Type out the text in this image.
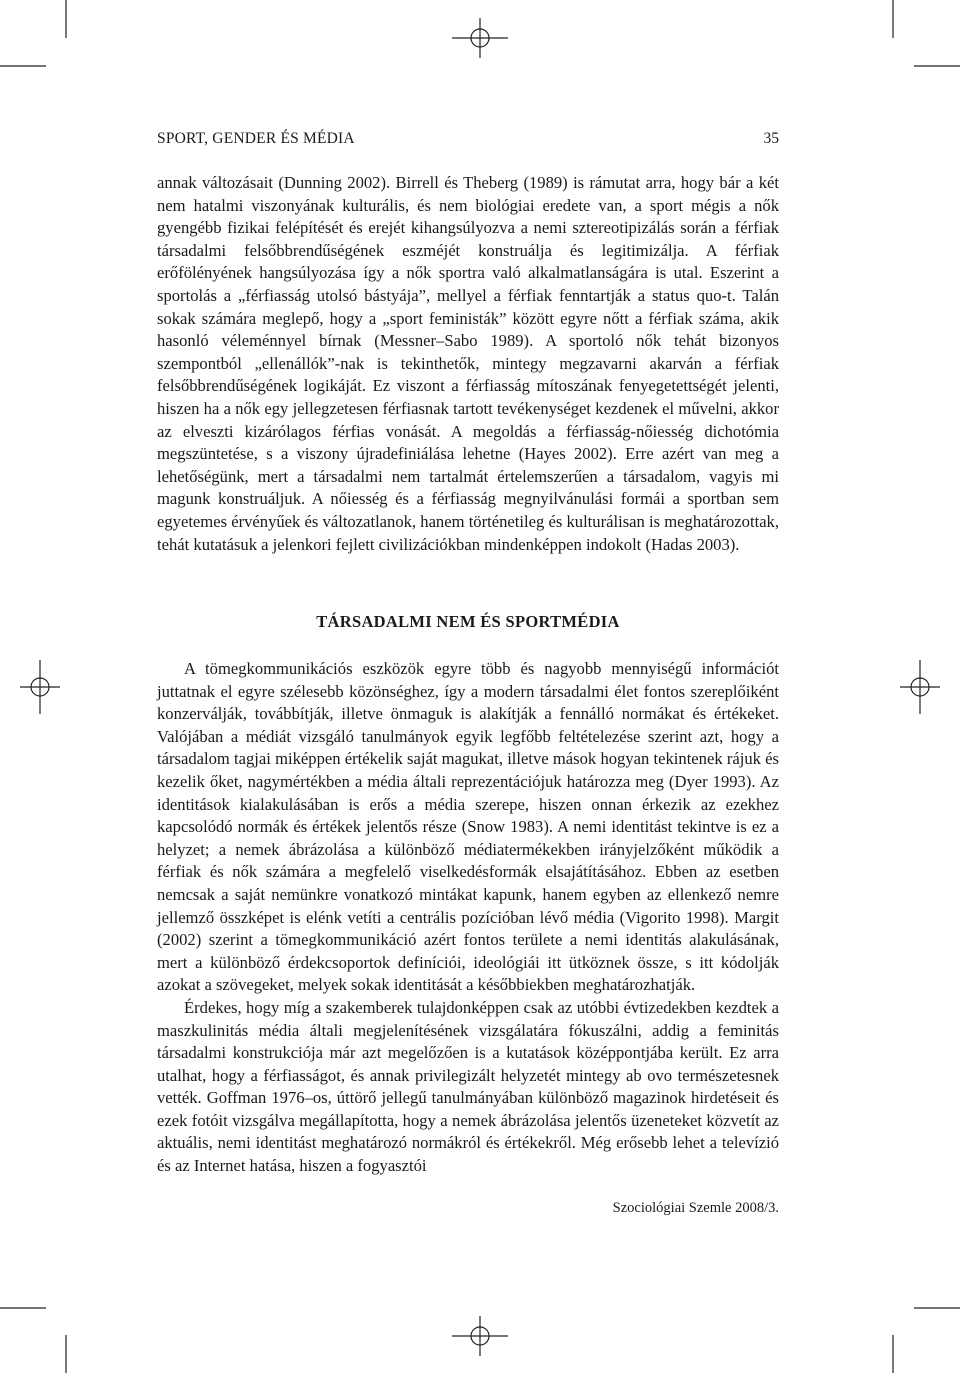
SPORT, GENDER ÉS MÉDIA	35

annak változásait (Dunning 2002). Birrell és Theberg (1989) is rámutat arra, hogy bár a két nem hatalmi viszonyának kulturális, és nem biológiai eredete van, a sport mégis a nők gyengébb fizikai felépítését és erejét kihangsúlyozva a nemi sztereotipizálás során a férfiak társadalmi felsőbbrendűségének eszméjét konstruálja és legitimizálja. A férfiak erőfölényének hangsúlyozása így a nők sportra való alkalmatlanságára is utal. Eszerint a sportolás a „férfiasság utolsó bástyája”, mellyel a férfiak fenntartják a status quo-t. Talán sokak számára meglepő, hogy a „sport feministák” között egyre nőtt a férfiak száma, akik hasonló véleménnyel bírnak (Messner–Sabo 1989). A sportoló nők tehát bizonyos szempontból „ellenállók”-nak is tekinthetők, mintegy megzavarni akarván a férfiak felsőbbrendűségének logikáját. Ez viszont a férfiasság mítoszának fenyegetettségét jelenti, hiszen ha a nők egy jellegzetesen férfiasnak tartott tevékenységet kezdenek el művelni, akkor az elveszti kizárólagos férfias vonását. A megoldás a férfiasság-nőiesség dichotómia megszüntetése, s a viszony újradefiniálása lehetne (Hayes 2002). Erre azért van meg a lehetőségünk, mert a társadalmi nem tartalmát értelemszerűen a társadalom, vagyis mi magunk konstruáljuk. A nőiesség és a férfiasság megnyilvánulási formái a sportban sem egyetemes érvényűek és változatlanok, hanem történetileg és kulturálisan is meghatározottak, tehát kutatásuk a jelenkori fejlett civilizációkban mindenképpen indokolt (Hadas 2003).

TÁRSADALMI NEM ÉS SPORTMÉDIA

A tömegkommunikációs eszközök egyre több és nagyobb mennyiségű információt juttatnak el egyre szélesebb közönséghez, így a modern társadalmi élet fontos szereplőiként konzerválják, továbbítják, illetve önmaguk is alakítják a fennálló normákat és értékeket. Valójában a médiát vizsgáló tanulmányok egyik legfőbb feltételezése szerint azt, hogy a társadalom tagjai miképpen értékelik saját magukat, illetve mások hogyan tekintenek rájuk és kezelik őket, nagymértékben a média általi reprezentációjuk határozza meg (Dyer 1993). Az identitások kialakulásában is erős a média szerepe, hiszen onnan érkezik az ezekhez kapcsolódó normák és értékek jelentős része (Snow 1983). A nemi identitást tekintve is ez a helyzet; a nemek ábrázolása a különböző médiatermékekben irányjelzőként működik a férfiak és nők számára a megfelelő viselkedésformák elsajátításához. Ebben az esetben nemcsak a saját nemünkre vonatkozó mintákat kapunk, hanem egyben az ellenkező nemre jellemző összképet is elénk vetíti a centrális pozícióban lévő média (Vigorito 1998). Margit (2002) szerint a tömegkommunikáció azért fontos területe a nemi identitás alakulásának, mert a különböző érdekcsoportok definíciói, ideológiái itt ütköznek össze, s itt kódolják azokat a szövegeket, melyek sokak identitását a későbbiekben meghatározhatják.

Érdekes, hogy míg a szakemberek tulajdonképpen csak az utóbbi évtizedekben kezdtek a maszkulinitás média általi megjelenítésének vizsgálatára fókuszálni, addig a feminitás társadalmi konstrukciója már azt megelőzően is a kutatások középpontjába került. Ez arra utalhat, hogy a férfiasságot, és annak privilegizált helyzetét mintegy ab ovo természetesnek vették. Goffman 1976–os, úttörő jellegű tanulmányában különböző magazinok hirdetéseit és ezek fotóit vizsgálva megállapította, hogy a nemek ábrázolása jelentős üzeneteket közvetít az aktuális, nemi identitást meghatározó normákról és értékekről. Még erősebb lehet a televízió és az Internet hatása, hiszen a fogyasztói

Szociológiai Szemle 2008/3.
